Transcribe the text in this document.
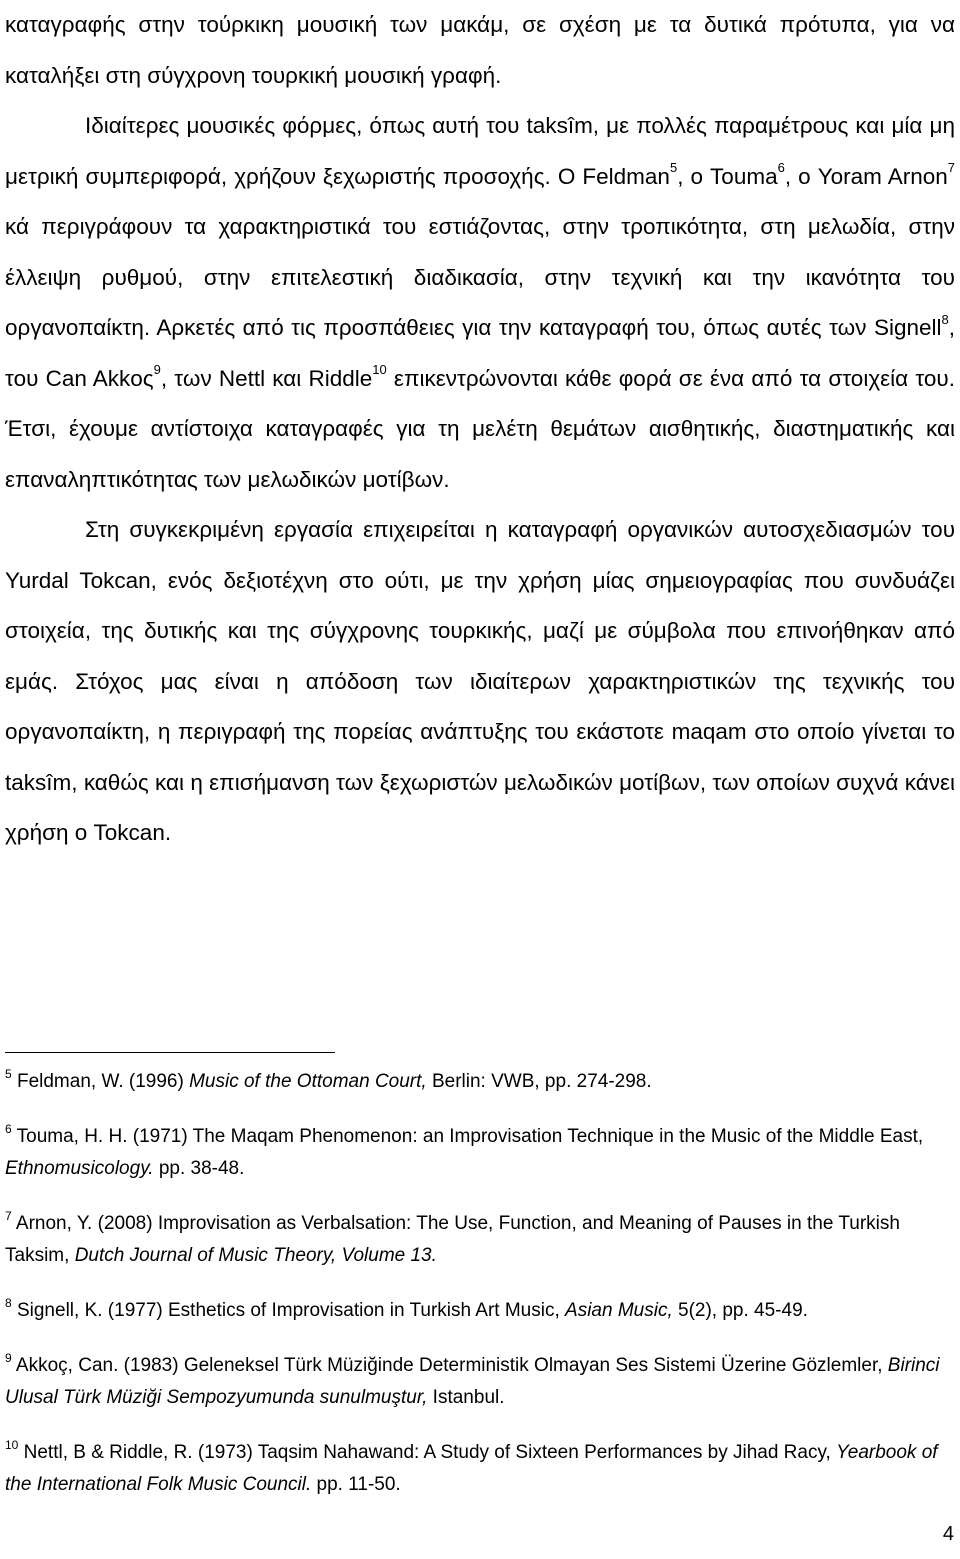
καταγραφής στην τούρκικη μουσική των μακάμ, σε σχέση με τα δυτικά πρότυπα, για να καταλήξει στη σύγχρονη τουρκική μουσική γραφή.

Ιδιαίτερες μουσικές φόρμες, όπως αυτή του taksîm, με πολλές παραμέτρους και μία μη μετρική συμπεριφορά, χρήζουν ξεχωριστής προσοχής. Ο Feldman$^5$, ο Touma$^6$, ο Yoram Arnon$^7$ κά περιγράφουν τα χαρακτηριστικά του εστιάζοντας, στην τροπικότητα, στη μελωδία, στην έλλειψη ρυθμού, στην επιτελεστική διαδικασία, στην τεχνική και την ικανότητα του οργανοπαίκτη. Αρκετές από τις προσπάθειες για την καταγραφή του, όπως αυτές των Signell$^8$, του Can Akkoς$^9$, των Nettl και Riddle$^{10}$ επικεντρώνονται κάθε φορά σε ένα από τα στοιχεία του. Έτσι, έχουμε αντίστοιχα καταγραφές για τη μελέτη θεμάτων αισθητικής, διαστηματικής και επαναληπτικότητας των μελωδικών μοτίβων.

Στη συγκεκριμένη εργασία επιχειρείται η καταγραφή οργανικών αυτοσχεδιασμών του Yurdal Tokcan, ενός δεξιοτέχνη στο ούτι, με την χρήση μίας σημειογραφίας που συνδυάζει στοιχεία, της δυτικής και της σύγχρονης τουρκικής, μαζί με σύμβολα που επινοήθηκαν από εμάς. Στόχος μας είναι η απόδοση των ιδιαίτερων χαρακτηριστικών της τεχνικής του οργανοπαίκτη, η περιγραφή της πορείας ανάπτυξης του εκάστοτε maqam στο οποίο γίνεται το taksîm, καθώς και η επισήμανση των ξεχωριστών μελωδικών μοτίβων, των οποίων συχνά κάνει χρήση ο Tokcan.

$^5$ Feldman, W. (1996) Music of the Ottoman Court, Berlin: VWB, pp. 274-298.

$^6$ Touma, H. H. (1971) The Maqam Phenomenon: an Improvisation Technique in the Music of the Middle East, Ethnomusicology. pp. 38-48.

$^7$ Arnon, Y. (2008) Improvisation as Verbalsation: The Use, Function, and Meaning of Pauses in the Turkish Taksim, Dutch Journal of Music Theory, Volume 13.

$^8$ Signell, K. (1977) Esthetics of Improvisation in Turkish Art Music, Asian Music, 5(2), pp. 45-49.

$^9$ Akkoç, Can. (1983) Geleneksel Türk Müziğinde Deterministik Olmayan Ses Sistemi Üzerine Gözlemler, Birinci Ulusal Türk Müziği Sempozyumunda sunulmuştur, Istanbul.

$^{10}$ Nettl, B & Riddle, R. (1973) Taqsim Nahawand: A Study of Sixteen Performances by Jihad Racy, Yearbook of the International Folk Music Council. pp. 11-50.

4
